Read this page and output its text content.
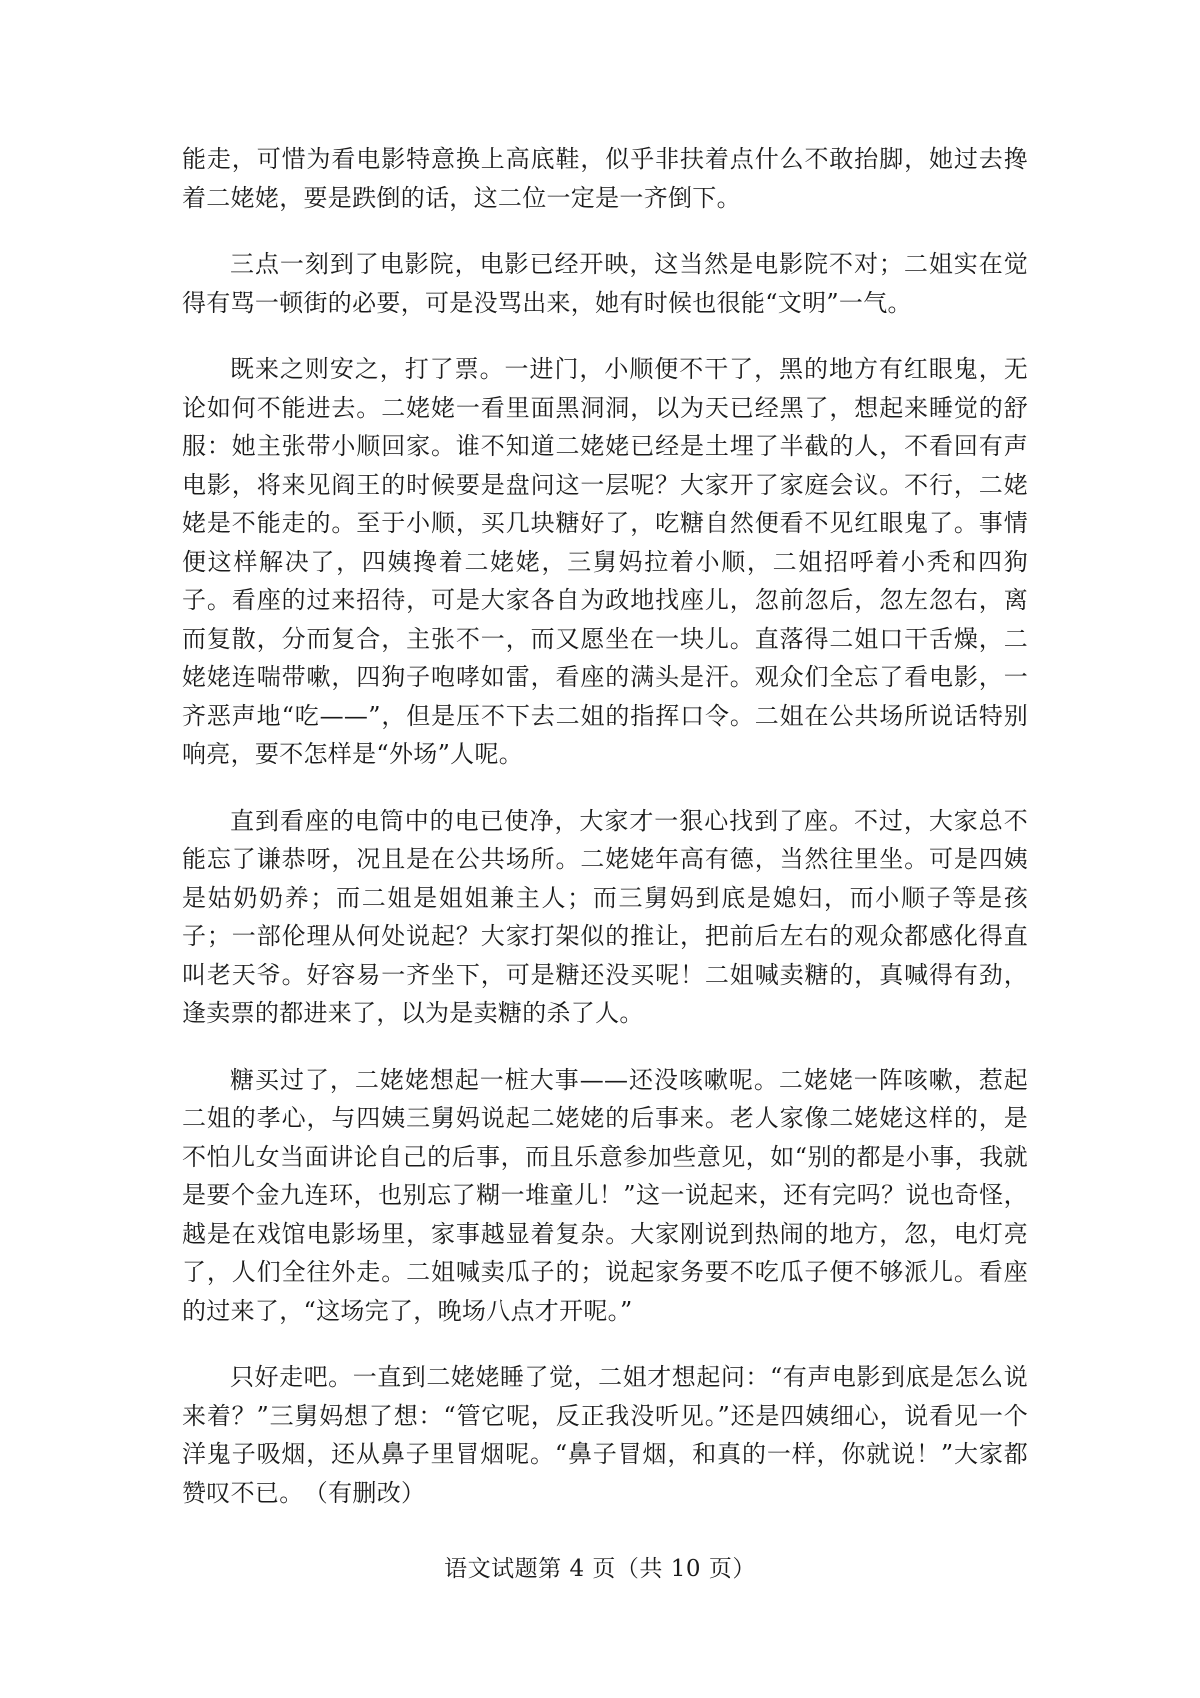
能走，可惜为看电影特意换上高底鞋，似乎非扶着点什么不敢抬脚，她过去搀着二姥姥，要是跌倒的话，这二位一定是一齐倒下。

三点一刻到了电影院，电影已经开映，这当然是电影院不对；二姐实在觉得有骂一顿街的必要，可是没骂出来，她有时候也很能“文明”一气。

既来之则安之，打了票。一进门，小顺便不干了，黑的地方有红眼鬼，无论如何不能进去。二姥姥一看里面黑洞洞，以为天已经黑了，想起来睡觉的舒服：她主张带小顺回家。谁不知道二姥姥已经是土埋了半截的人，不看回有声电影，将来见阎王的时候要是盘问这一层呢？大家开了家庭会议。不行，二姥姥是不能走的。至于小顺，买几块糖好了，吃糖自然便看不见红眼鬼了。事情便这样解决了，四姨搀着二姥姥，三舅妈拉着小顺，二姐招呼着小秃和四狗子。看座的过来招待，可是大家各自为政地找座儿，忽前忽后，忽左忽右，离而复散，分而复合，主张不一，而又愿坐在一块儿。直落得二姐口干舌燥，二姥姥连喘带嗽，四狗子咆哮如雷，看座的满头是汗。观众们全忘了看电影，一齐恶声地“吃——”，但是压不下去二姐的指挥口令。二姐在公共场所说话特别响亮，要不怎样是“外场”人呢。

直到看座的电筒中的电已使净，大家才一狠心找到了座。不过，大家总不能忘了谦恭呀，况且是在公共场所。二姥姥年高有德，当然往里坐。可是四姨是姑奶奶养；而二姐是姐姐兼主人；而三舅妈到底是媳妇，而小顺子等是孩子；一部伦理从何处说起？大家打架似的推让，把前后左右的观众都感化得直叫老天爷。好容易一齐坐下，可是糖还没买呢！二姐喊卖糖的，真喊得有劲，逢卖票的都进来了，以为是卖糖的杀了人。

糖买过了，二姥姥想起一桩大事——还没咳嗽呢。二姥姥一阵咳嗽，惹起二姐的孝心，与四姨三舅妈说起二姥姥的后事来。老人家像二姥姥这样的，是不怕儿女当面讲论自己的后事，而且乐意参加些意见，如“别的都是小事，我就是要个金九连环，也别忘了糊一堆童儿！”这一说起来，还有完吗？说也奇怪，越是在戏馆电影场里，家事越显着复杂。大家刚说到热闹的地方，忽，电灯亮了，人们全往外走。二姐喊卖瓜子的；说起家务要不吃瓜子便不够派儿。看座的过来了，“这场完了，晚场八点才开呢。”

只好走吧。一直到二姥姥睡了觉，二姐才想起问：“有声电影到底是怎么说来着？”三舅妈想了想：“管它呢，反正我没听见。”还是四姨细心，说看见一个洋鬼子吸烟，还从鼻子里冒烟呢。“鼻子冒烟，和真的一样，你就说！”大家都赞叹不已。　（有删改）

语文试题第 4 页（共 10 页）
